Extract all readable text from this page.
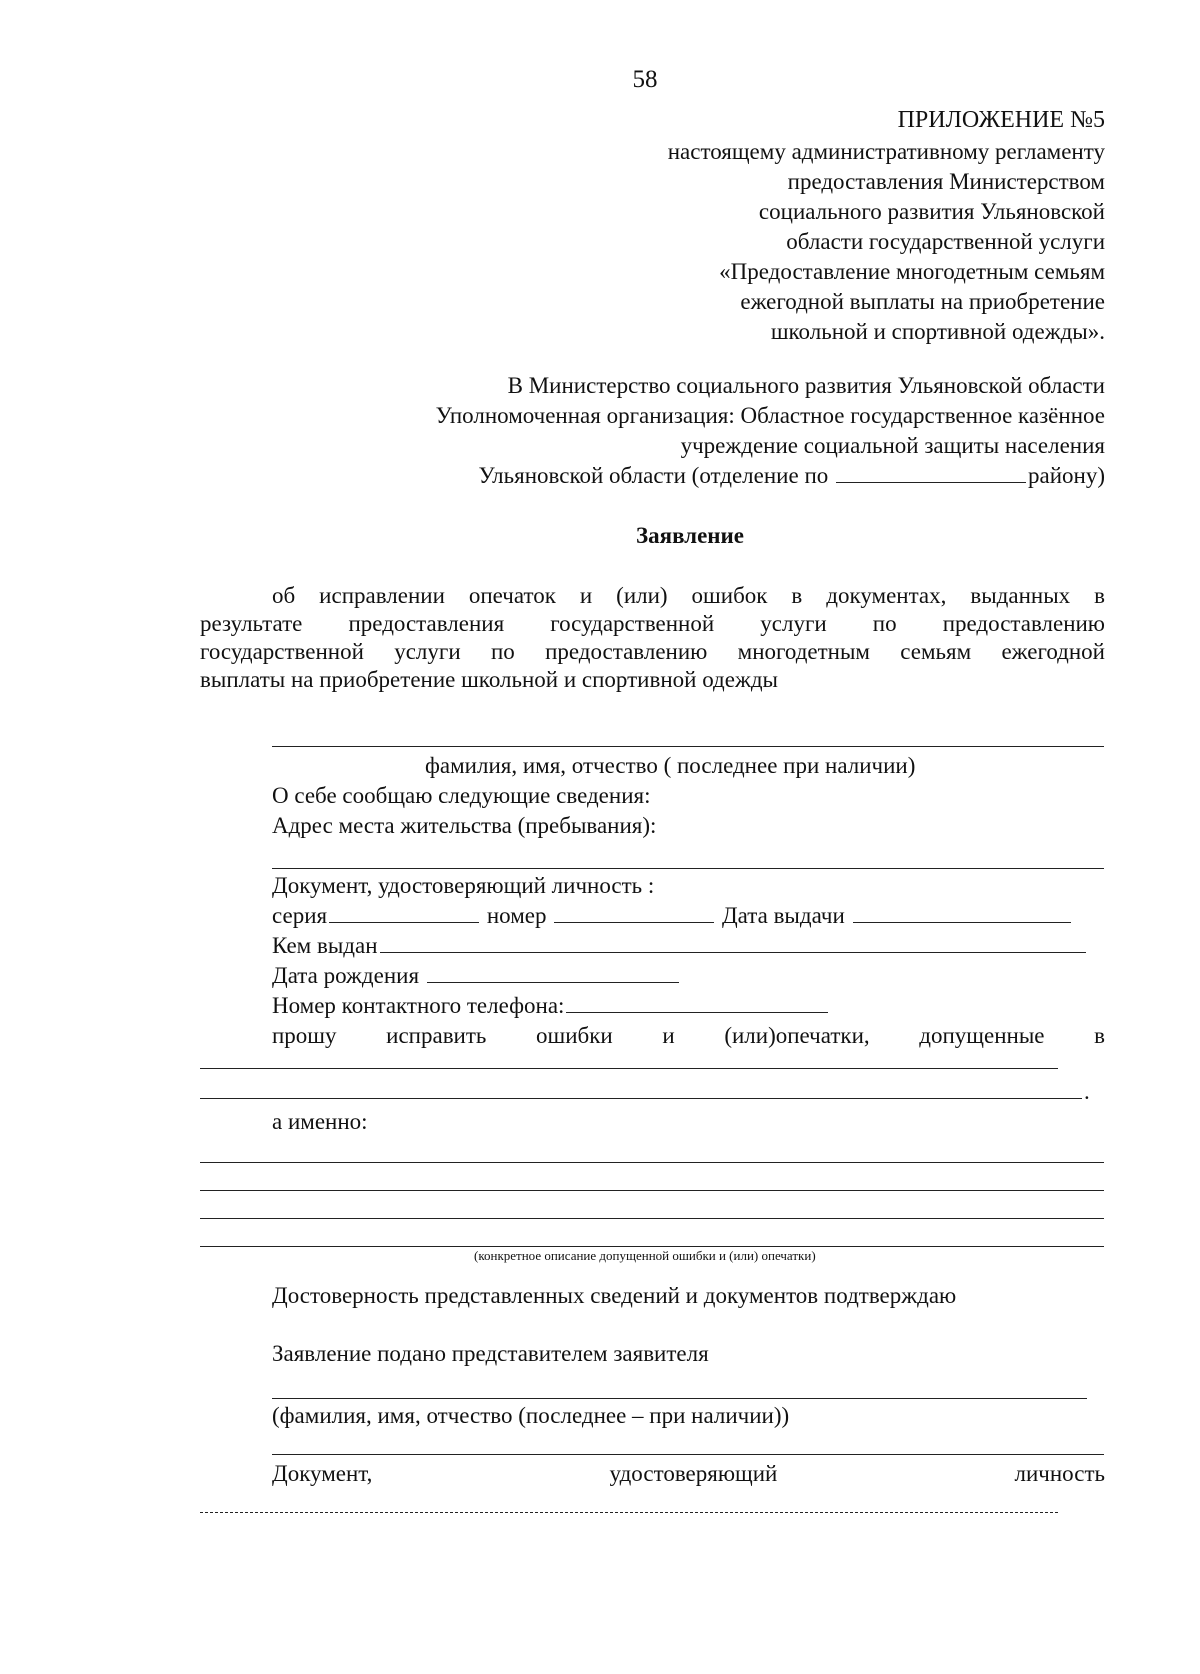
58
ПРИЛОЖЕНИЕ №5
настоящему административному регламенту
предоставления Министерством
социального развития Ульяновской
области государственной услуги
«Предоставление многодетным семьям
ежегодной выплаты на приобретение
школьной и спортивной одежды».
В Министерство социального развития Ульяновской области
Уполномоченная организация: Областное государственное казённое
учреждение социальной защиты населения
Ульяновской области (отделение по	району)
Заявление
об исправлении опечаток и (или) ошибок в документах, выданных в
результате предоставления государственной услуги по предоставлению
государственной услуги по предоставлению многодетным семьям ежегодной
выплаты на приобретение школьной и спортивной одежды
фамилия, имя, отчество ( последнее при наличии)
О себе сообщаю следующие сведения:
Адрес места жительства (пребывания):
Документ, удостоверяющий личность :
серия	номер	Дата выдачи
Кем выдан
Дата рождения
Номер контактного телефона:
прошу исправить ошибки и (или)опечатки, допущенные в
.
а именно:
(конкретное описание допущенной ошибки и (или) опечатки)
Достоверность представленных сведений и документов подтверждаю
Заявление подано представителем заявителя
(фамилия, имя, отчество (последнее – при наличии))
Документ, удостоверяющий личность
